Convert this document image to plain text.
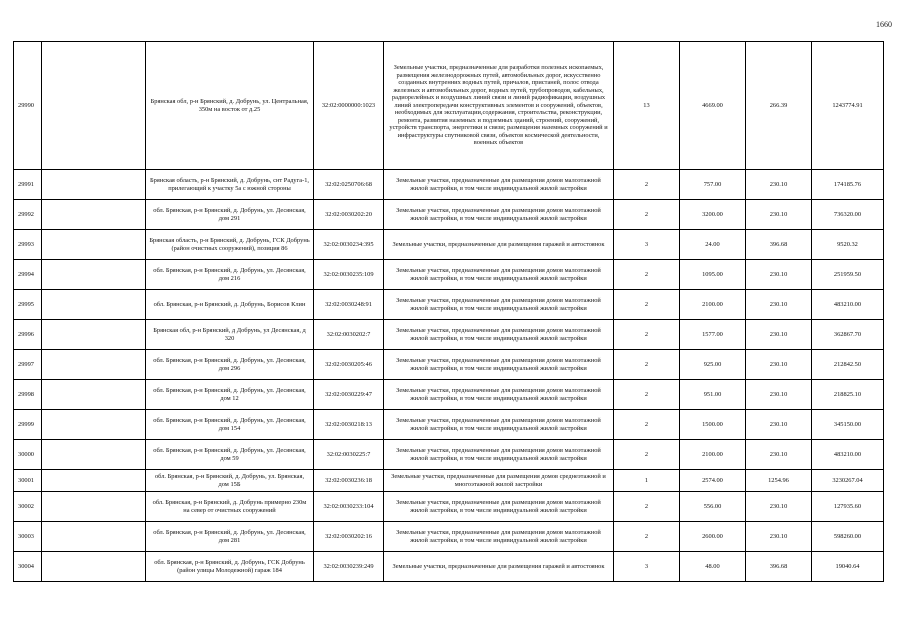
1660
29990		Брянская обл, р-н Брянский, д. Добрунь, ул. Центральная, 350м на восток от д.25	32:02:0000000:1023	Земельные участки, предназначенные для разработки полезных ископаемых, размещения железнодорожных путей, автомобильных дорог, искусственно созданных внутренних водных путей, причалов, пристаней, полос отвода железных и автомобильных дорог, водных путей, трубопроводов, кабельных, радиорелейных и воздушных линий связи и линий радиофикации, воздушных линий электропередачи конструктивных элементов и сооружений, объектов, необходимых для эксплуатации,содержания, строительства, реконструкции, ремонта, развития наземных и подземных зданий, строений, сооружений, устройств транспорта, энергетики и связи; размещения наземных сооружений и инфраструктуры спутниковой связи, объектов космической деятельности, военных объектов	13	4669.00	266.39	1243774.91
29991		Брянская область, р-н Брянский, д. Добрунь, снт Радуга-1, прилегающий к участку 5а с южной стороны	32:02:0250706:68	Земельные участки, предназначенные для размещения домов малоэтажной жилой застройки, в том числе индивидуальной жилой застройки	2	757.00	230.10	174185.76
29992		обл. Брянская, р-н Брянский, д. Добрунь, ул. Десянская, дом 291	32:02:0030202:20	Земельные участки, предназначенные для размещения домов малоэтажной жилой застройки, в том числе индивидуальной жилой застройки	2	3200.00	230.10	736320.00
29993		Брянская область, р-н Брянский, д. Добрунь, ГСК Добрунь (район очистных сооружений), позиция 86	32:02:0030234:395	Земельные участки, предназначенные для размещения гаражей и автостоянок	3	24.00	396.68	9520.32
29994		обл. Брянская, р-н Брянский, д. Добрунь, ул. Десянская, дом 216	32:02:0030235:109	Земельные участки, предназначенные для размещения домов малоэтажной жилой застройки, в том числе индивидуальной жилой застройки	2	1095.00	230.10	251959.50
29995		обл. Брянская, р-н Брянский, д. Добрунь, Борисов Клин	32:02:0030248:91	Земельные участки, предназначенные для размещения домов малоэтажной жилой застройки, в том числе индивидуальной жилой застройки	2	2100.00	230.10	483210.00
29996		Брянская обл, р-н Брянский, д Добрунь, ул Десянская, д 320	32:02:0030202:7	Земельные участки, предназначенные для размещения домов малоэтажной жилой застройки, в том числе индивидуальной жилой застройки	2	1577.00	230.10	362867.70
29997		обл. Брянская, р-н Брянский, д. Добрунь, ул. Десянская, дом 296	32:02:0030205:46	Земельные участки, предназначенные для размещения домов малоэтажной жилой застройки, в том числе индивидуальной жилой застройки	2	925.00	230.10	212842.50
29998		обл. Брянская, р-н Брянский, д. Добрунь, ул. Десянская, дом 12	32:02:0030229:47	Земельные участки, предназначенные для размещения домов малоэтажной жилой застройки, в том числе индивидуальной жилой застройки	2	951.00	230.10	218825.10
29999		обл. Брянская, р-н Брянский, д. Добрунь, ул. Десянская, дом 154	32:02:0030218:13	Земельные участки, предназначенные для размещения домов малоэтажной жилой застройки, в том числе индивидуальной жилой застройки	2	1500.00	230.10	345150.00
30000		обл. Брянская, р-н Брянский, д. Добрунь, ул. Десянская, дом 59	32:02:0030225:7	Земельные участки, предназначенные для размещения домов малоэтажной жилой застройки, в том числе индивидуальной жилой застройки	2	2100.00	230.10	483210.00
30001		обл. Брянская, р-н Брянский, д. Добрунь, ул. Брянская, дом 15Б	32:02:0030236:18	Земельные участки, предназначенные для размещения домов среднеэтажной и многоэтажной жилой застройки	1	2574.00	1254.96	3230267.04
30002		обл. Брянская, р-н Брянский, д. Добрунь примерно 230м на север от очистных сооружений	32:02:0030233:104	Земельные участки, предназначенные для размещения домов малоэтажной жилой застройки, в том числе индивидуальной жилой застройки	2	556.00	230.10	127935.60
30003		обл. Брянская, р-н Брянский, д. Добрунь, ул. Десянская, дом 281	32:02:0030202:16	Земельные участки, предназначенные для размещения домов малоэтажной жилой застройки, в том числе индивидуальной жилой застройки	2	2600.00	230.10	598260.00
30004		обл. Брянская, р-н Брянский, д. Добрунь, ГСК Добрунь (район улицы Молодежной) гараж 184	32:02:0030239:249	Земельные участки, предназначенные для размещения гаражей и автостоянок	3	48.00	396.68	19040.64
